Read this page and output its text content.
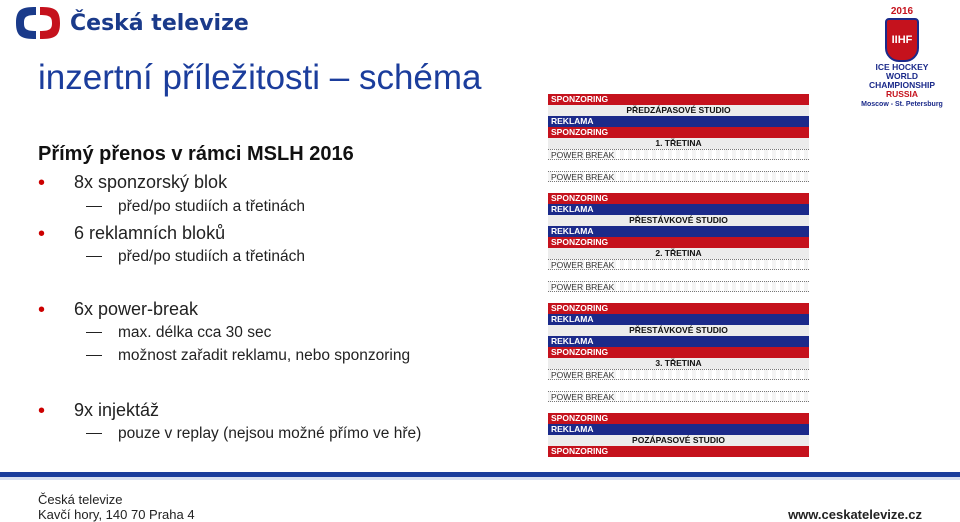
Česká televize
inzertní příležitosti – schéma
Přímý přenos v rámci MSLH 2016
• 8x sponzorský blok
před/po studiích a třetinách
• 6 reklamních bloků
před/po studiích a třetinách
• 6x power-break
max. délka cca 30 sec
možnost zařadit reklamu, nebo sponzoring
• 9x injektáž
pouze v replay (nejsou možné přímo ve hře)
SPONZORING
PŘEDZÁPASOVÉ STUDIO
REKLAMA
SPONZORING
1. TŘETINA
POWER BREAK
POWER BREAK
SPONZORING
REKLAMA
PŘESTÁVKOVÉ STUDIO
REKLAMA
SPONZORING
2. TŘETINA
POWER BREAK
POWER BREAK
SPONZORING
REKLAMA
PŘESTÁVKOVÉ STUDIO
REKLAMA
SPONZORING
3. TŘETINA
POWER BREAK
POWER BREAK
SPONZORING
REKLAMA
POZÁPASOVÉ STUDIO
SPONZORING
2016
IIHF
ICE HOCKEY
WORLD
CHAMPIONSHIP
RUSSIA
Moscow - St. Petersburg
Česká televize
Kavčí hory, 140 70 Praha 4	www.ceskatelevize.cz
